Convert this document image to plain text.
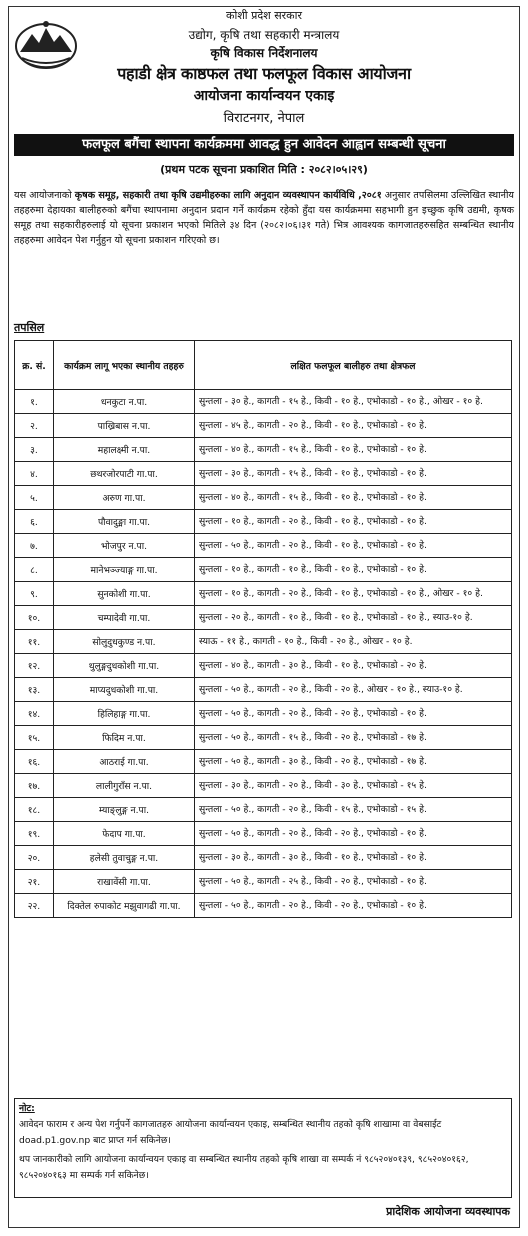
कोशी प्रदेश सरकार
उद्योग, कृषि तथा सहकारी मन्त्रालय
कृषि विकास निर्देशनालय
पहाडी क्षेत्र काष्ठफल तथा फलफूल विकास आयोजना
आयोजना कार्यान्वयन एकाइ
विराटनगर, नेपाल
फलफूल बगैंचा स्थापना कार्यक्रममा आवद्ध हुन आवेदन आह्वान सम्बन्धी सूचना
(प्रथम पटक सूचना प्रकाशित मिति : २०८२।०५।२९)
यस आयोजनाको कृषक समूह, सहकारी तथा कृषि उद्यमीहरुका लागि अनुदान व्यवस्थापन कार्यविधि ,२०८१ अनुसार तपसिलमा उल्लिखित स्थानीय तहहरुमा देहायका बालीहरुको बगैंचा स्थापनामा अनुदान प्रदान गर्ने कार्यक्रम रहेको हुँदा यस कार्यक्रममा सहभागी हुन इच्छुक कृषि उद्यमी, कृषक समूह तथा सहकारीहरुलाई यो सूचना प्रकाशन भएको मितिले ३४ दिन (२०८२।०६।३१ गते) भित्र आवश्यक कागजातहरुसहित सम्बन्धित स्थानीय तहहरुमा आवेदन पेश गर्नुहुन यो सूचना प्रकाशन गरिएको छ।
तपसिल
क्र. सं.	कार्यक्रम लागू भएका स्थानीय तहहरु	लक्षित फलफूल बालीहरु तथा क्षेत्रफल
१.	धनकुटा न.पा.	सुन्तला - ३० हे., कागती - १५ हे., किवी - १० हे., एभोकाडो - १० हे., ओखर - १० हे.
२.	पाख्रिबास न.पा.	सुन्तला - ४५ हे., कागती - २० हे., किवी - १० हे., एभोकाडो - १० हे.
३.	महालक्ष्मी न.पा.	सुन्तला - ४० हे., कागती - १५ हे., किवी - १० हे., एभोकाडो - १० हे.
४.	छथरजोरपाटी गा.पा.	सुन्तला - ३० हे., कागती - १५ हे., किवी - १० हे., एभोकाडो - १० हे.
५.	अरुण गा.पा.	सुन्तला - ४० हे., कागती - १५ हे., किवी - १० हे., एभोकाडो - १० हे.
६.	पौवादुङ्मा गा.पा.	सुन्तला - १० हे., कागती - २० हे., किवी - १० हे., एभोकाडो - १० हे.
७.	भोजपुर न.पा.	सुन्तला - ५० हे., कागती - २० हे., किवी - १० हे., एभोकाडो - १० हे.
८.	मानेभञ्ज्याङ्ग गा.पा.	सुन्तला - १० हे., कागती - १० हे., किवी - १० हे., एभोकाडो - १० हे.
९.	सुनकोशी गा.पा.	सुन्तला - १० हे., कागती - २० हे., किवी - १० हे., एभोकाडो - १० हे., ओखर - १० हे.
१०.	चम्पादेवी गा.पा.	सुन्तला - २० हे., कागती - १० हे., किवी - १० हे., एभोकाडो - १० हे., स्याउ-१० हे.
११.	सोलुदुधकुण्ड न.पा.	स्याऊ - ११ हे., कागती - १० हे., किवी - २० हे., ओखर - १० हे.
१२.	थुलुङ्गदुधकोशी गा.पा.	सुन्तला - ४० हे., कागती - ३० हे., किवी - १० हे., एभोकाडो - २० हे.
१३.	माप्यदुधकोशी गा.पा.	सुन्तला - ५० हे., कागती - २० हे., किवी - २० हे., ओखर - १० हे., स्याउ-१० हे.
१४.	हिलिहाङ्ग गा.पा.	सुन्तला - ५० हे., कागती - २० हे., किवी - २० हे., एभोकाडो - १० हे.
१५.	फिदिम न.पा.	सुन्तला - ५० हे., कागती - १५ हे., किवी - २० हे., एभोकाडो - १७ हे.
१६.	आठराई गा.पा.	सुन्तला - ५० हे., कागती - ३० हे., किवी - २० हे., एभोकाडो - १७ हे.
१७.	लालीगुराँस न.पा.	सुन्तला - ३० हे., कागती - २० हे., किवी - ३० हे., एभोकाडो - १५ हे.
१८.	म्याङ्लुङ्ग न.पा.	सुन्तला - ५० हे., कागती - २० हे., किवी - १५ हे., एभोकाडो - १५ हे.
१९.	फेदाप गा.पा.	सुन्तला - ५० हे., कागती - २० हे., किवी - २० हे., एभोकाडो - १० हे.
२०.	हलेसी तुवाचुङ्ग न.पा.	सुन्तला - ३० हे., कागती - ३० हे., किवी - १० हे., एभोकाडो - १० हे.
२१.	राखावेंसी गा.पा.	सुन्तला - ५० हे., कागती - २५ हे., किवी - २० हे., एभोकाडो - १० हे.
२२.	दिक्तेल रुपाकोट मझुवागढी गा.पा.	सुन्तला - ५० हे., कागती - २० हे., किवी - २० हे., एभोकाडो - १० हे.
नोट:

आवेदन फाराम र अन्य पेश गर्नुपर्ने कागजातहरु आयोजना कार्यान्वयन एकाइ, सम्बन्धित स्थानीय तहको कृषि शाखामा वा वेबसाईट doad.p1.gov.np बाट प्राप्त गर्न सकिनेछ।

थप जानकारीको लागि आयोजना कार्यान्वयन एकाइ वा सम्बन्धित स्थानीय तहको कृषि शाखा वा सम्पर्क नं ९८५२०४०१३९, ९८५२०४०१६२, ९८५२०४०१६३ मा सम्पर्क गर्न सकिनेछ।

प्रादेशिक आयोजना व्यवस्थापक
